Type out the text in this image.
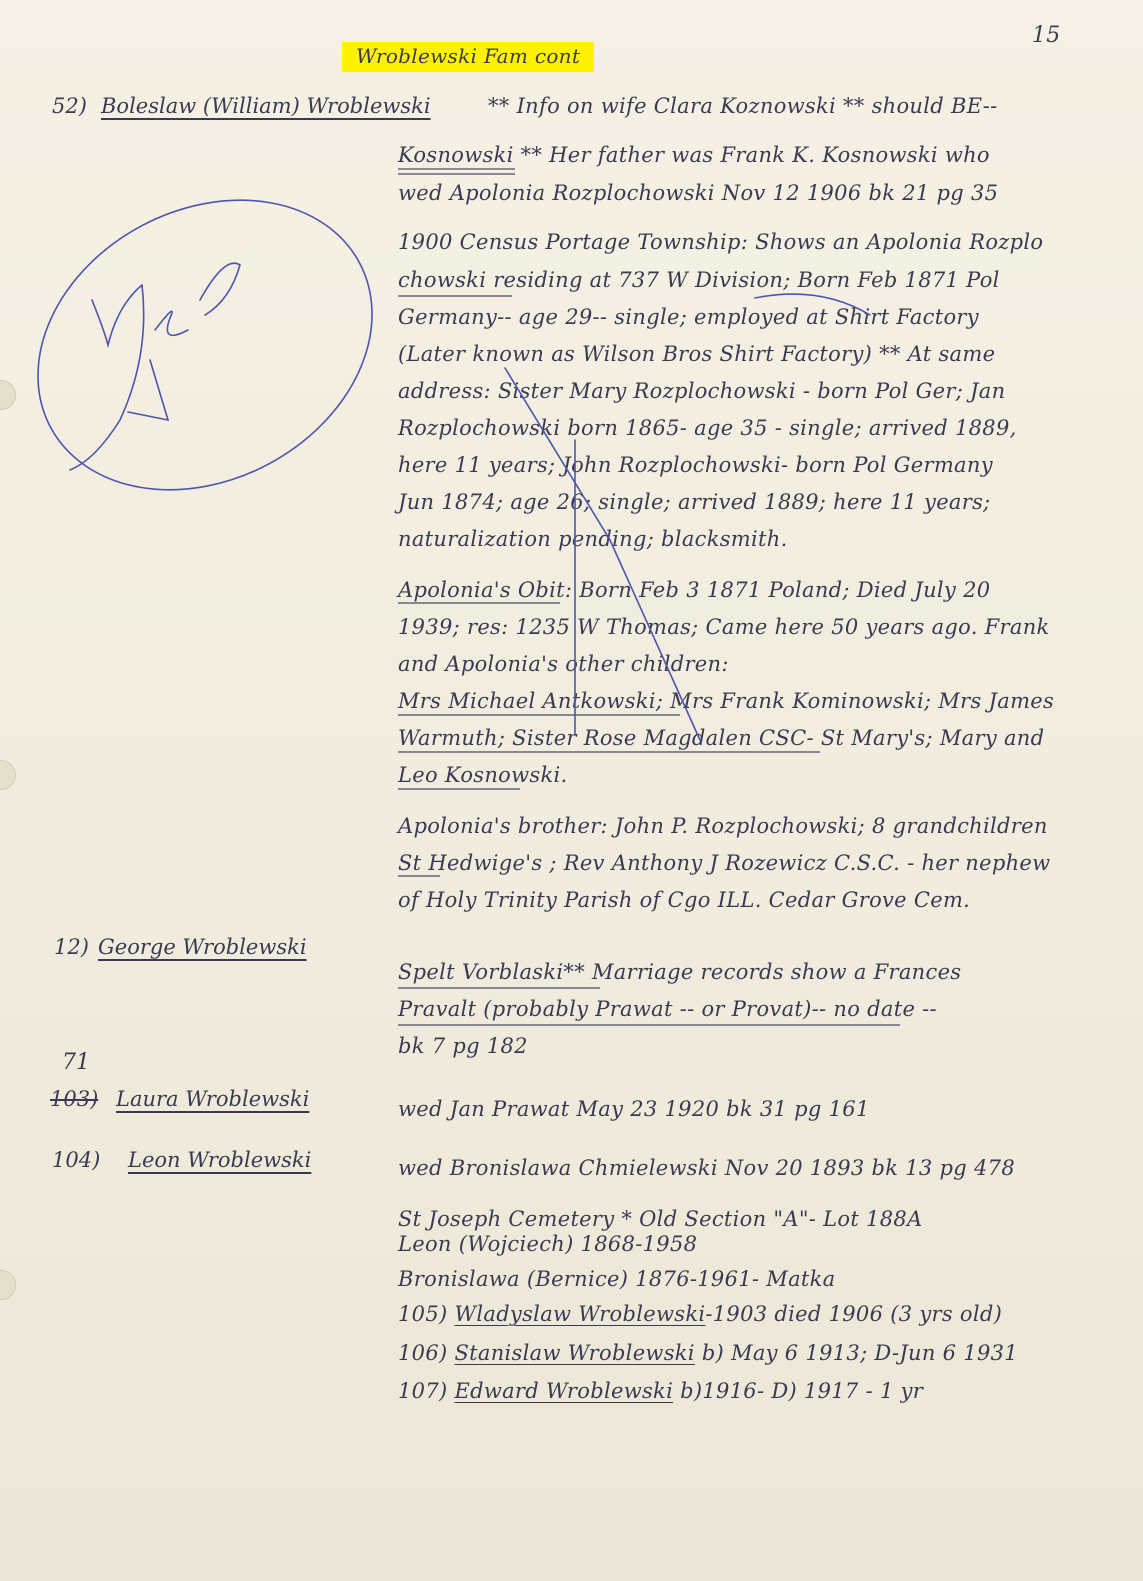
Wroblewski Fam cont
15
52) Boleslaw (William) Wroblewski	** Info on wife Clara Koznowski ** should BE--
Kosnowski ** Her father was Frank K. Kosnowski who
wed Apolonia Rozplochowski Nov 12 1906 bk 21 pg 35
1900 Census Portage Township: Shows an Apolonia Rozplo
chowski residing at 737 W Division; Born Feb 1871 Pol
Germany-- age 29-- single; employed at Shirt Factory
(Later known as Wilson Bros Shirt Factory) ** At same
address: Sister Mary Rozplochowski - born Pol Ger; Jan
Rozplochowski born 1865- age 35 - single; arrived 1889,
here 11 years; John Rozplochowski- born Pol Germany
Jun 1874; age 26; single; arrived 1889; here 11 years;
naturalization pending; blacksmith.
Apolonia's Obit: Born Feb 3 1871 Poland; Died July 20
1939; res: 1235 W Thomas; Came here 50 years ago. Frank
and Apolonia's other children:
Mrs Michael Antkowski; Mrs Frank Kominowski; Mrs James
Warmuth; Sister Rose Magdalen CSC- St Mary's; Mary and
Leo Kosnowski.
Apolonia's brother: John P. Rozplochowski; 8 grandchildren
St Hedwige's ; Rev Anthony J Rozewicz C.S.C. - her nephew
of Holy Trinity Parish of Cgo ILL. Cedar Grove Cem.
12) George Wroblewski
Spelt Vorblaski** Marriage records show a Frances
Pravalt (probably Prawat -- or Provat)-- no date --
bk 7 pg 182
71
103) Laura Wroblewski	wed Jan Prawat May 23 1920 bk 31 pg 161
104) Leon Wroblewski	wed Bronislawa Chmielewski Nov 20 1893 bk 13 pg 478
St Joseph Cemetery * Old Section "A"- Lot 188A
Leon (Wojciech) 1868-1958
Bronislawa (Bernice) 1876-1961- Matka
105) Wladyslaw Wroblewski-1903 died 1906 (3 yrs old)
106) Stanislaw Wroblewski b) May 6 1913; D-Jun 6 1931
107) Edward Wroblewski b)1916- D) 1917 - 1 yr
